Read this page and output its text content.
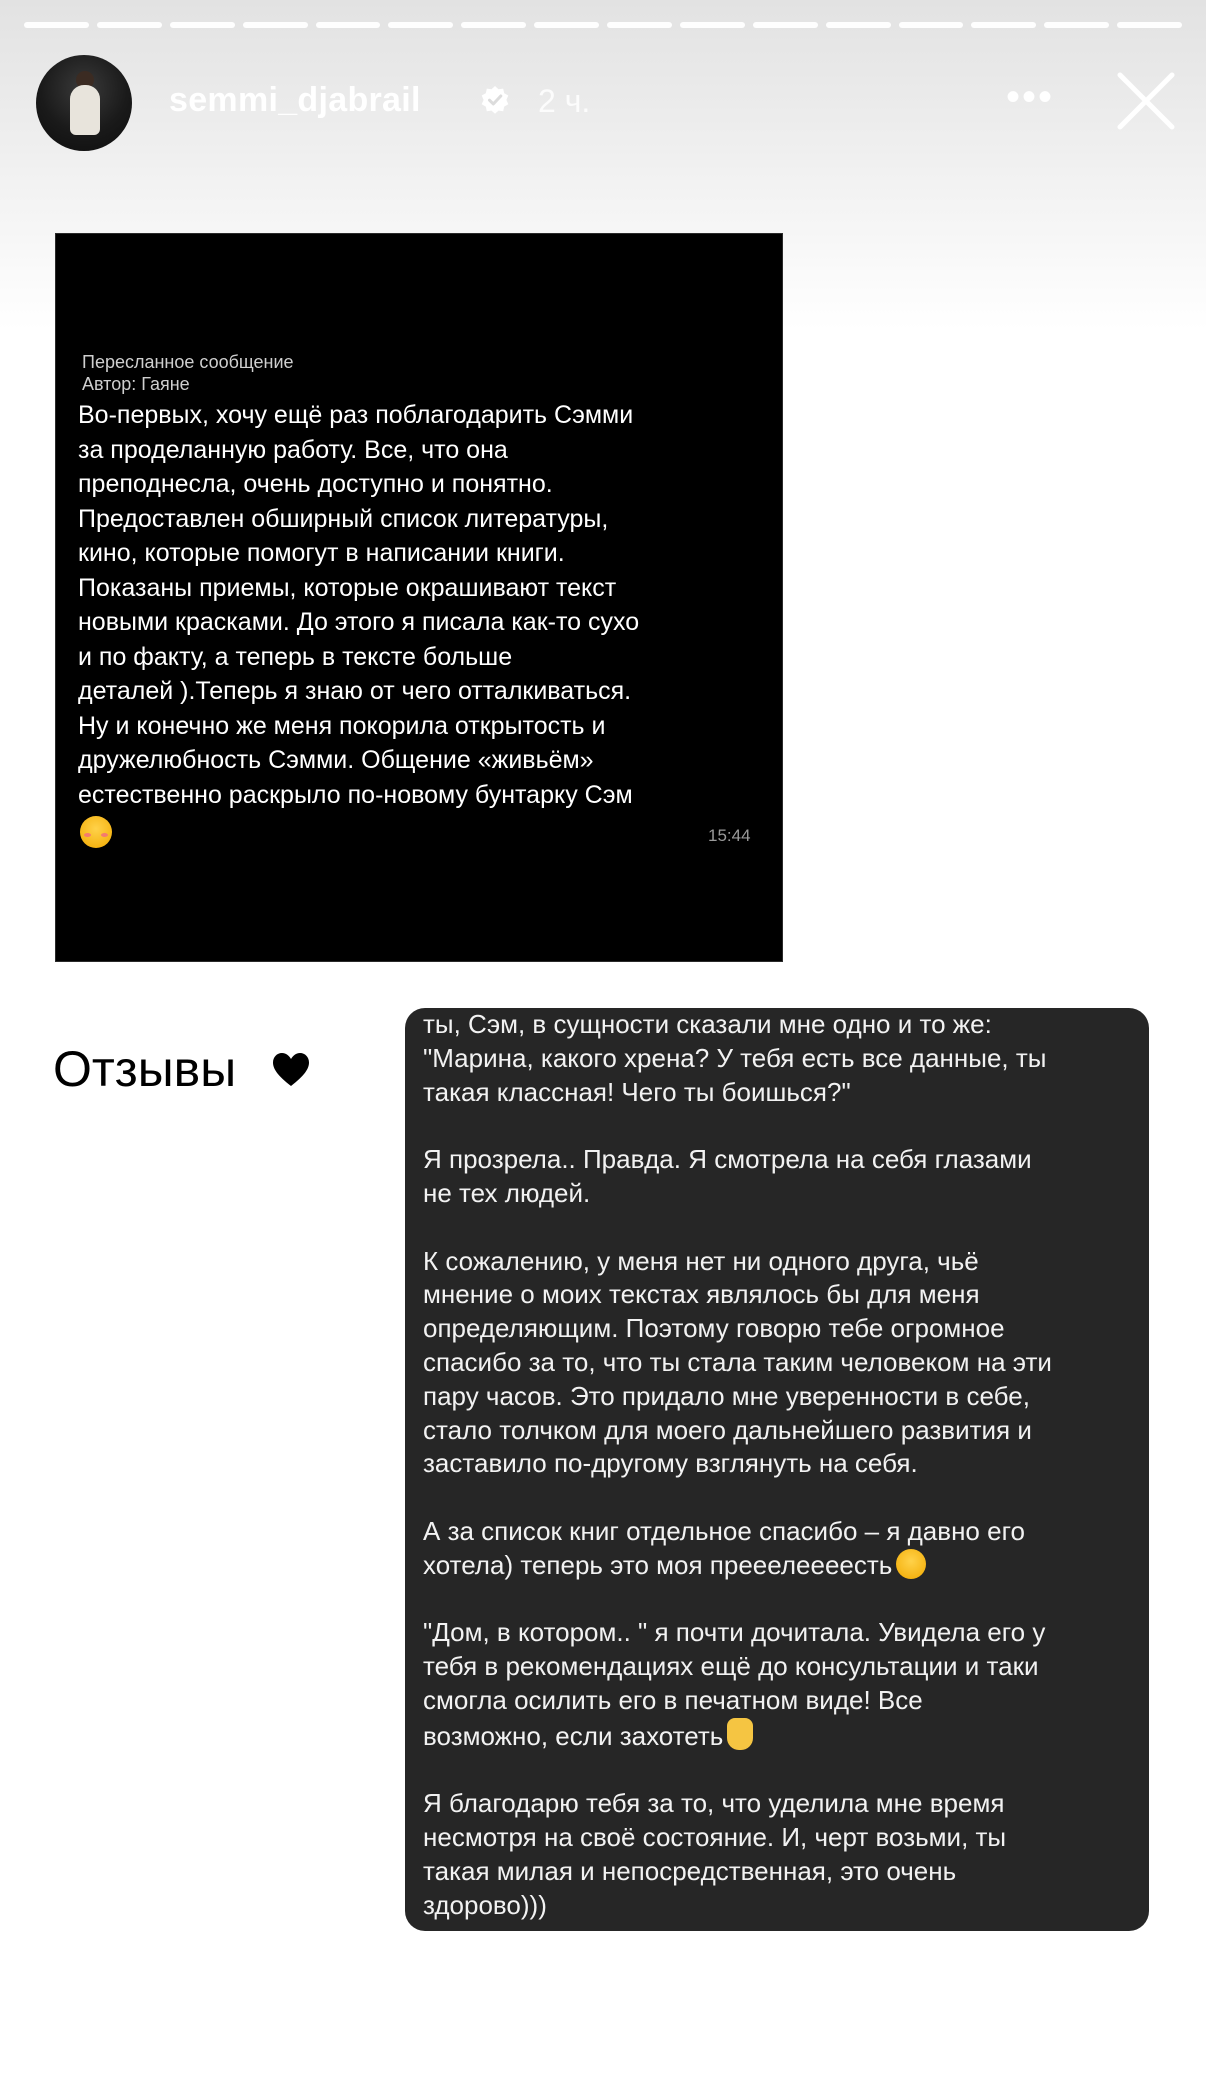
semmi_djabrail	2 ч.	•••
Пересланное сообщение
Автор: Гаяне
Во-первых, хочу ещё раз поблагодарить Сэмми
за проделанную работу. Все, что она
преподнесла, очень доступно и понятно.
Предоставлен обширный список литературы,
кино, которые помогут в написании книги.
Показаны приемы, которые окрашивают текст
новыми красками. До этого я писала как-то сухо
и по факту, а теперь в тексте больше
деталей ).Теперь я знаю от чего отталкиваться.
Ну и конечно же меня покорила открытость и
дружелюбность Сэмми. Общение «живьём»
естественно раскрыло по-новому бунтарку Сэм
15:44
Отзывы

ты, Сэм, в сущности сказали мне одно и то же:
"Марина, какого хрена? У тебя есть все данные, ты
такая классная! Чего ты боишься?"

Я прозрела.. Правда. Я смотрела на себя глазами
не тех людей.

К сожалению, у меня нет ни одного друга, чьё
мнение о моих текстах являлось бы для меня
определяющим. Поэтому говорю тебе огромное
спасибо за то, что ты стала таким человеком на эти
пару часов. Это придало мне уверенности в себе,
стало толчком для моего дальнейшего развития и
заставило по-другому взглянуть на себя.

А за список книг отдельное спасибо – я давно его
хотела) теперь это моя прееелеееесть

"Дом, в котором.. " я почти дочитала. Увидела его у
тебя в рекомендациях ещё до консультации и таки
смогла осилить его в печатном виде! Все
возможно, если захотеть

Я благодарю тебя за то, что уделила мне время
несмотря на своё состояние. И, черт возьми, ты
такая милая и непосредственная, это очень
здорово)))
